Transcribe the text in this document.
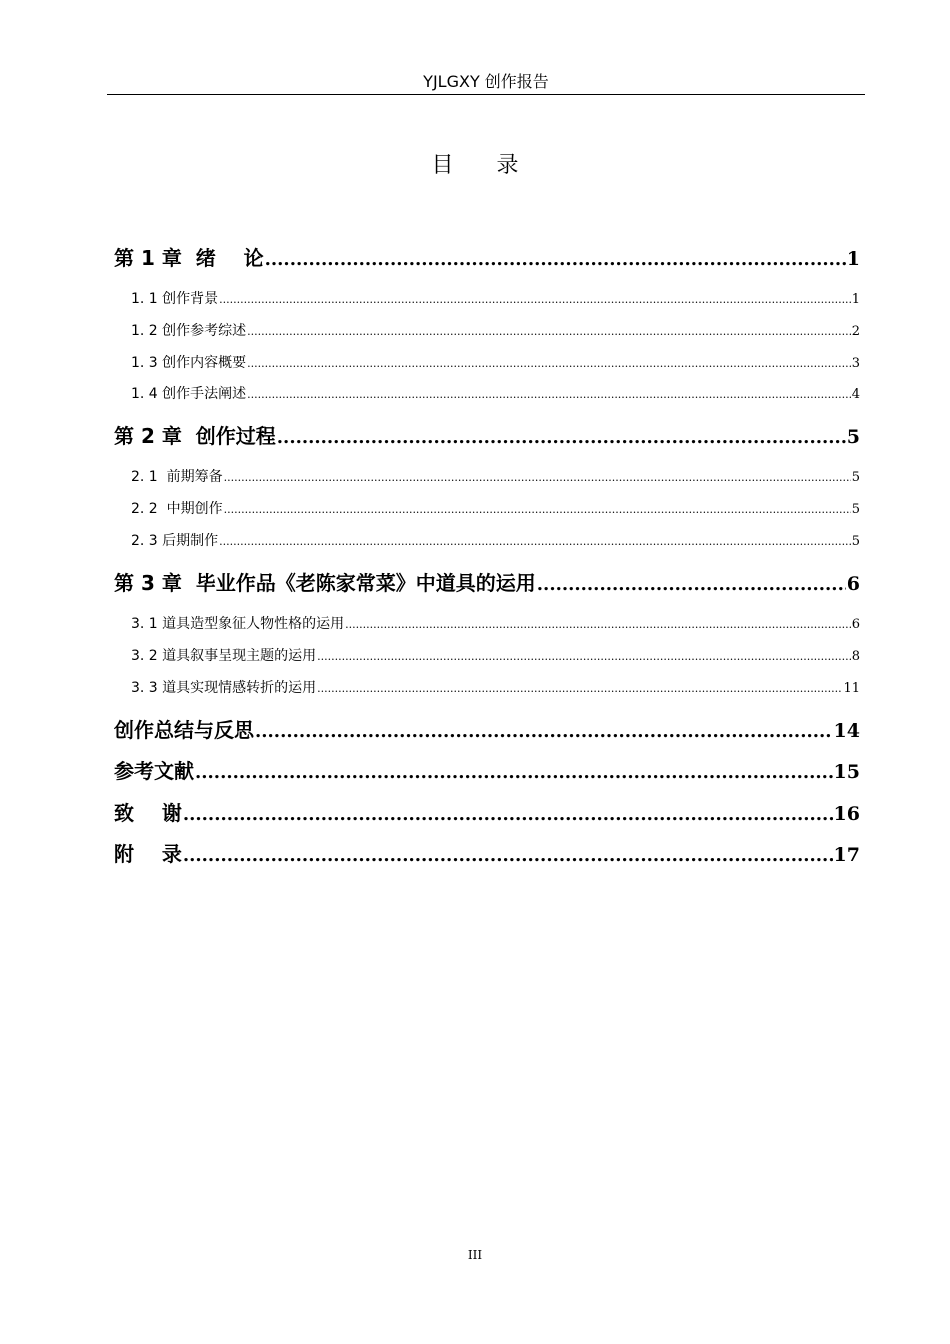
YJLGXY 创作报告
目 录
第 1 章  绪    论 .....	1
1. 1 创作背景 .....	1
1. 2 创作参考综述 .....	2
1. 3 创作内容概要 .....	3
1. 4 创作手法阐述 .....	4
第 2 章  创作过程 .....	5
2. 1  前期筹备 .....	5
2. 2  中期创作 .....	5
2. 3 后期制作 .....	5
第 3 章  毕业作品《老陈家常菜》中道具的运用 .....	6
3. 1 道具造型象征人物性格的运用 .....	6
3. 2 道具叙事呈现主题的运用 .....	8
3. 3 道具实现情感转折的运用 .....	11
创作总结与反思 .....	14
参考文献 .....	15
致    谢 .....	16
附    录 .....	17
III
